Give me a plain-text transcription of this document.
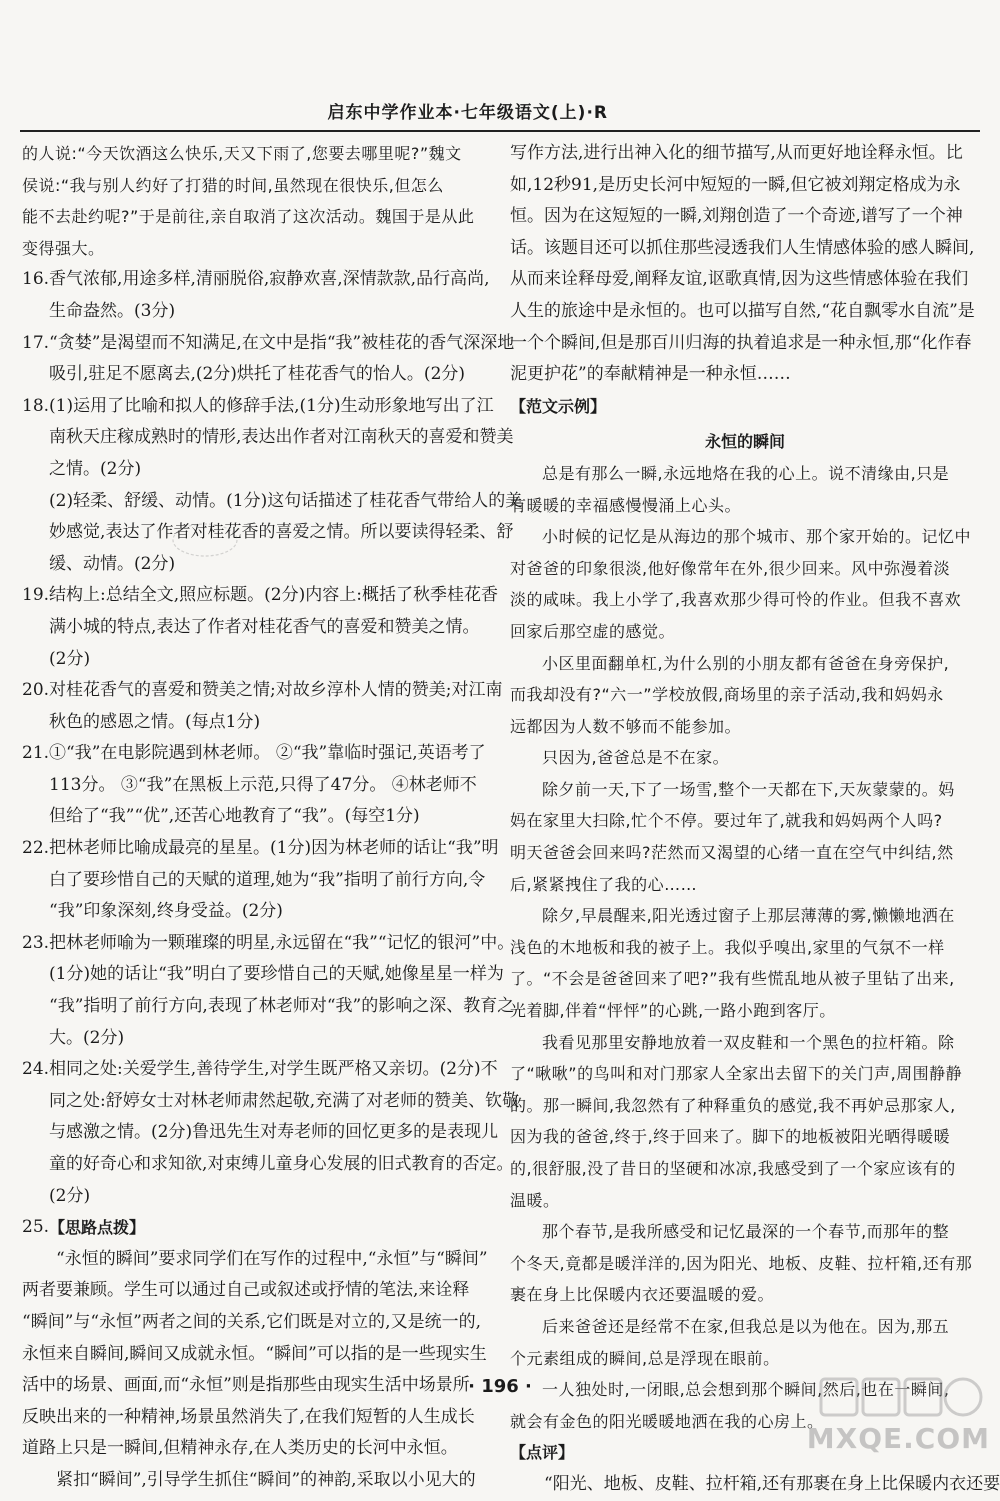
启东中学作业本·七年级语文(上)·R
的人说:“今天饮酒这么快乐,天又下雨了,您要去哪里呢?”魏文
侯说:“我与别人约好了打猎的时间,虽然现在很快乐,但怎么
能不去赴约呢?”于是前往,亲自取消了这次活动。魏国于是从此
变得强大。
16. 香气浓郁,用途多样,清丽脱俗,寂静欢喜,深情款款,品行高尚,
生命盎然。(3分)
17. “贪婪”是渴望而不知满足,在文中是指“我”被桂花的香气深深地
吸引,驻足不愿离去,(2分)烘托了桂花香气的怡人。(2分)
18. (1)运用了比喻和拟人的修辞手法,(1分)生动形象地写出了江
南秋天庄稼成熟时的情形,表达出作者对江南秋天的喜爱和赞美
之情。(2分)
(2)轻柔、舒缓、动情。(1分)这句话描述了桂花香气带给人的美
妙感觉,表达了作者对桂花香的喜爱之情。所以要读得轻柔、舒
缓、动情。(2分)
19. 结构上:总结全文,照应标题。(2分)内容上:概括了秋季桂花香
满小城的特点,表达了作者对桂花香气的喜爱和赞美之情。
(2分)
20. 对桂花香气的喜爱和赞美之情;对故乡淳朴人情的赞美;对江南
秋色的感恩之情。(每点1分)
21. ①“我”在电影院遇到林老师。 ②“我”靠临时强记,英语考了
113分。 ③“我”在黑板上示范,只得了47分。 ④林老师不
但给了“我”“优”,还苦心地教育了“我”。(每空1分)
22. 把林老师比喻成最亮的星星。(1分)因为林老师的话让“我”明
白了要珍惜自己的天赋的道理,她为“我”指明了前行方向,令
“我”印象深刻,终身受益。(2分)
23. 把林老师喻为一颗璀璨的明星,永远留在“我”“记忆的银河”中。
(1分)她的话让“我”明白了要珍惜自己的天赋,她像星星一样为
“我”指明了前行方向,表现了林老师对“我”的影响之深、教育之
大。(2分)
24. 相同之处:关爱学生,善待学生,对学生既严格又亲切。(2分)不
同之处:舒婷女士对林老师肃然起敬,充满了对老师的赞美、钦敬
与感激之情。(2分)鲁迅先生对寿老师的回忆更多的是表现儿
童的好奇心和求知欲,对束缚儿童身心发展的旧式教育的否定。
(2分)
25. 【思路点拨】
“永恒的瞬间”要求同学们在写作的过程中,“永恒”与“瞬间”
两者要兼顾。学生可以通过自己或叙述或抒情的笔法,来诠释
“瞬间”与“永恒”两者之间的关系,它们既是对立的,又是统一的,
永恒来自瞬间,瞬间又成就永恒。“瞬间”可以指的是一些现实生
活中的场景、画面,而“永恒”则是指那些由现实生活中场景所
反映出来的一种精神,场景虽然消失了,在我们短暂的人生成长
道路上只是一瞬间,但精神永存,在人类历史的长河中永恒。
紧扣“瞬间”,引导学生抓住“瞬间”的神韵,采取以小见大的
写作方法,进行出神入化的细节描写,从而更好地诠释永恒。比
如,12秒91,是历史长河中短短的一瞬,但它被刘翔定格成为永
恒。因为在这短短的一瞬,刘翔创造了一个奇迹,谱写了一个神
话。该题目还可以抓住那些浸透我们人生情感体验的感人瞬间,
从而来诠释母爱,阐释友谊,讴歌真情,因为这些情感体验在我们
人生的旅途中是永恒的。也可以描写自然,“花自飘零水自流”是
一个个瞬间,但是那百川归海的执着追求是一种永恒,那“化作春
泥更护花”的奉献精神是一种永恒……
【范文示例】
永恒的瞬间
总是有那么一瞬,永远地烙在我的心上。说不清缘由,只是
有暖暖的幸福感慢慢涌上心头。
小时候的记忆是从海边的那个城市、那个家开始的。记忆中
对爸爸的印象很淡,他好像常年在外,很少回来。风中弥漫着淡
淡的咸味。我上小学了,我喜欢那少得可怜的作业。但我不喜欢
回家后那空虚的感觉。
小区里面翻单杠,为什么别的小朋友都有爸爸在身旁保护,
而我却没有?“六一”学校放假,商场里的亲子活动,我和妈妈永
远都因为人数不够而不能参加。
只因为,爸爸总是不在家。
除夕前一天,下了一场雪,整个一天都在下,天灰蒙蒙的。妈
妈在家里大扫除,忙个不停。要过年了,就我和妈妈两个人吗?
明天爸爸会回来吗?茫然而又渴望的心绪一直在空气中纠结,然
后,紧紧拽住了我的心……
除夕,早晨醒来,阳光透过窗子上那层薄薄的雾,懒懒地洒在
浅色的木地板和我的被子上。我似乎嗅出,家里的气氛不一样
了。“不会是爸爸回来了吧?”我有些慌乱地从被子里钻了出来,
光着脚,伴着“怦怦”的心跳,一路小跑到客厅。
我看见那里安静地放着一双皮鞋和一个黑色的拉杆箱。除
了“啾啾”的鸟叫和对门那家人全家出去留下的关门声,周围静静
的。那一瞬间,我忽然有了种释重负的感觉,我不再妒忌那家人,
因为我的爸爸,终于,终于回来了。脚下的地板被阳光晒得暖暖
的,很舒服,没了昔日的坚硬和冰凉,我感受到了一个家应该有的
温暖。
那个春节,是我所感受和记忆最深的一个春节,而那年的整
个冬天,竟都是暖洋洋的,因为阳光、地板、皮鞋、拉杆箱,还有那
裹在身上比保暖内衣还要温暖的爱。
后来爸爸还是经常不在家,但我总是以为他在。因为,那五
个元素组成的瞬间,总是浮现在眼前。
一人独处时,一闭眼,总会想到那个瞬间,然后,也在一瞬间,
就会有金色的阳光暖暖地洒在我的心房上。
【点评】
“阳光、地板、皮鞋、拉杆箱,还有那裹在身上比保暖内衣还要
· 196 ·
MXQE.COM
